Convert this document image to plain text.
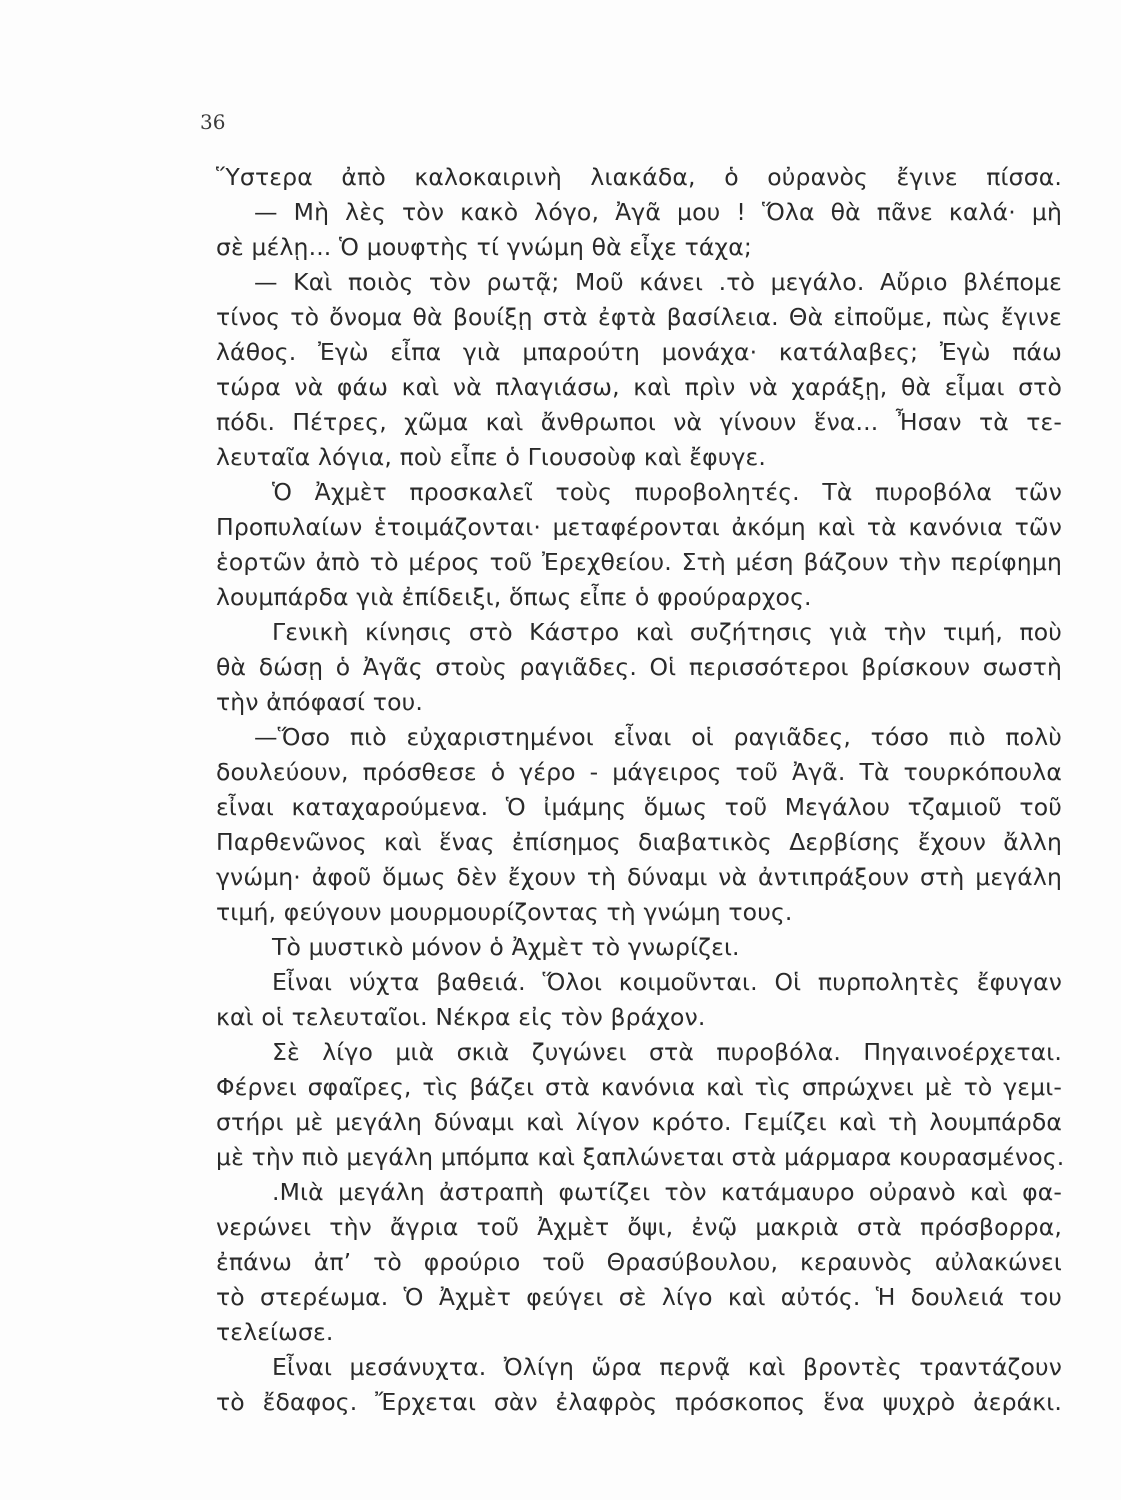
36
Ὕστερα ἀπὸ καλοκαιρινὴ λιακάδα, ὁ οὐρανὸς ἔγινε πίσσα.
— Μὴ λὲς τὸν κακὸ λόγο, Ἀγᾶ μου ! Ὅλα θὰ πᾶνε καλά· μὴ
σὲ μέλῃ... Ὁ μουφτὴς τί γνώμη θὰ εἶχε τάχα;
— Καὶ ποιὸς τὸν ρωτᾷ; Μοῦ κάνει .τὸ μεγάλο. Αὔριο βλέπομε
τίνος τὸ ὄνομα θὰ βουίξῃ στὰ ἐφτὰ βασίλεια. Θὰ εἰποῦμε, πὼς ἔγινε
λάθος. Ἐγὼ εἶπα γιὰ μπαρούτη μονάχα· κατάλαβες; Ἐγὼ πάω
τώρα νὰ φάω καὶ νὰ πλαγιάσω, καὶ πρὶν νὰ χαράξῃ, θὰ εἶμαι στὸ
πόδι. Πέτρες, χῶμα καὶ ἄνθρωποι νὰ γίνουν ἕνα... Ἦσαν τὰ τε-
λευταῖα λόγια, ποὺ εἶπε ὁ Γιουσοὺφ καὶ ἔφυγε.
Ὁ Ἀχμὲτ προσκαλεῖ τοὺς πυροβολητές. Τὰ πυροβόλα τῶν
Προπυλαίων ἑτοιμάζονται· μεταφέρονται ἀκόμη καὶ τὰ κανόνια τῶν
ἑορτῶν ἀπὸ τὸ μέρος τοῦ Ἐρεχθείου. Στὴ μέση βάζουν τὴν περίφημη
λουμπάρδα γιὰ ἐπίδειξι, ὅπως εἶπε ὁ φρούραρχος.
Γενικὴ κίνησις στὸ Κάστρο καὶ συζήτησις γιὰ τὴν τιμή, ποὺ
θὰ δώσῃ ὁ Ἀγᾶς στοὺς ραγιᾶδες. Οἱ περισσότεροι βρίσκουν σωστὴ
τὴν ἀπόφασί του.
—Ὅσο πιὸ εὐχαριστημένοι εἶναι οἱ ραγιᾶδες, τόσο πιὸ πολὺ
δουλεύουν, πρόσθεσε ὁ γέρο - μάγειρος τοῦ Ἀγᾶ. Τὰ τουρκόπουλα
εἶναι καταχαρούμενα. Ὁ ἰμάμης ὅμως τοῦ Μεγάλου τζαμιοῦ τοῦ
Παρθενῶνος καὶ ἕνας ἐπίσημος διαβατικὸς Δερβίσης ἔχουν ἄλλη
γνώμη· ἀφοῦ ὅμως δὲν ἔχουν τὴ δύναμι νὰ ἀντιπράξουν στὴ μεγάλη
τιμή, φεύγουν μουρμουρίζοντας τὴ γνώμη τους.
Τὸ μυστικὸ μόνον ὁ Ἀχμὲτ τὸ γνωρίζει.
Εἶναι νύχτα βαθειά. Ὅλοι κοιμοῦνται. Οἱ πυρπολητὲς ἔφυγαν
καὶ οἱ τελευταῖοι. Νέκρα εἰς τὸν βράχον.
Σὲ λίγο μιὰ σκιὰ ζυγώνει στὰ πυροβόλα. Πηγαινοέρχεται.
Φέρνει σφαῖρες, τὶς βάζει στὰ κανόνια καὶ τὶς σπρώχνει μὲ τὸ γεμι-
στήρι μὲ μεγάλη δύναμι καὶ λίγον κρότο. Γεμίζει καὶ τὴ λουμπάρδα
μὲ τὴν πιὸ μεγάλη μπόμπα καὶ ξαπλώνεται στὰ μάρμαρα κουρασμένος.
.Μιὰ μεγάλη ἀστραπὴ φωτίζει τὸν κατάμαυρο οὐρανὸ καὶ φα-
νερώνει τὴν ἄγρια τοῦ Ἀχμὲτ ὄψι, ἐνῷ μακριὰ στὰ πρόσβορρα,
ἐπάνω ἀπ’ τὸ φρούριο τοῦ Θρασύβουλου, κεραυνὸς αὐλακώνει
τὸ στερέωμα. Ὁ Ἀχμὲτ φεύγει σὲ λίγο καὶ αὐτός. Ἡ δουλειά του
τελείωσε.
Εἶναι μεσάνυχτα. Ὀλίγη ὥρα περνᾷ καὶ βροντὲς τραντάζουν
τὸ ἔδαφος. Ἔρχεται σὰν ἐλαφρὸς πρόσκοπος ἕνα ψυχρὸ ἀεράκι.
